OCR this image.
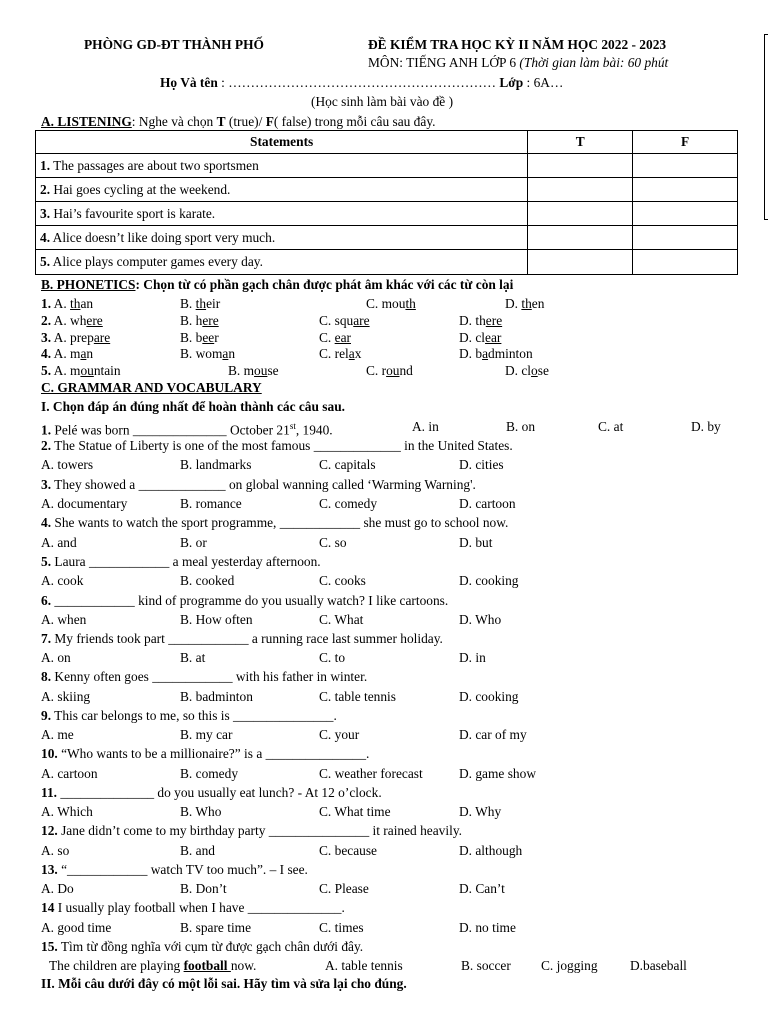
PHÒNG GD-ĐT THÀNH PHỐ	ĐỀ KIỂM TRA HỌC KỲ II NĂM HỌC 2022 - 2023
MÔN: TIẾNG ANH LỚP 6 (Thời gian làm bài: 60 phút
Họ Và tên : …………………………………………………… Lớp : 6A…
(Học sinh làm bài vào đề )
A. LISTENING: Nghe và chọn T (true)/ F( false) trong mỗi câu sau đây.
Statements	T	F
1. The passages are about two sportsmen		
2. Hai goes cycling at the weekend.		
3. Hai’s favourite sport is karate.		
4. Alice doesn’t like doing sport very much.		
5. Alice plays computer games every day.		
B. PHONETICS: Chọn từ có phần gạch chân được phát âm khác với các từ còn lại
1. A. than	B. their	C. mouth	D. then
2. A. where	B. here	C. square	D. there
3. A. prepare	B. beer	C. ear	D. clear
4. A. man	B. woman	C. relax	D. badminton
5. A. mountain	B. mouse	C. round	D. close
C. GRAMMAR AND VOCABULARY
I. Chọn đáp án đúng nhất để hoàn thành các câu sau.
1. Pelé was born ______________ October 21st, 1940.	A. in	B. on	C. at	D. by
2. The Statue of Liberty is one of the most famous _____________ in the United States.
A. towers	B. landmarks	C. capitals	D. cities
3. They showed a _____________ on global wanning called ‘Warming Warning'.
A. documentary	B. romance	C. comedy	D. cartoon
4. She wants to watch the sport programme, ____________ she must go to school now.
A. and	B. or	C. so	D. but
5. Laura ____________ a meal yesterday afternoon.
A. cook	B. cooked	C. cooks	D. cooking
6. ____________ kind of programme do you usually watch? I like cartoons.
A. when	B. How often	C. What	D. Who
7. My friends took part ____________ a running race last summer holiday.
A. on	B. at	C. to	D. in
8. Kenny often goes ____________ with his father in winter.
A. skiing	B. badminton	C. table tennis	D. cooking
9. This car belongs to me, so this is _______________.
A. me	B. my car	C. your	D. car of my
10. “Who wants to be a millionaire?” is a _______________.
A. cartoon	B. comedy	C. weather forecast	D. game show
11. ______________ do you usually eat lunch? - At 12 o’clock.
A. Which	B. Who	C. What time	D. Why
12. Jane didn’t come to my birthday party _______________ it rained heavily.
A. so	B. and	C. because	D. although
13. “____________ watch TV too much”. – I see.
A. Do	B. Don’t	C. Please	D. Can’t
14 I usually play football when I have ______________.
A. good time	B. spare time	C. times	D. no time
15. Tìm từ đồng nghĩa với cụm từ được gạch chân dưới đây.
The children are playing football now.	A. table tennis	B. soccer C. jogging D.baseball
II. Mỗi câu dưới đây có một lỗi sai. Hãy tìm và sửa lại cho đúng.
